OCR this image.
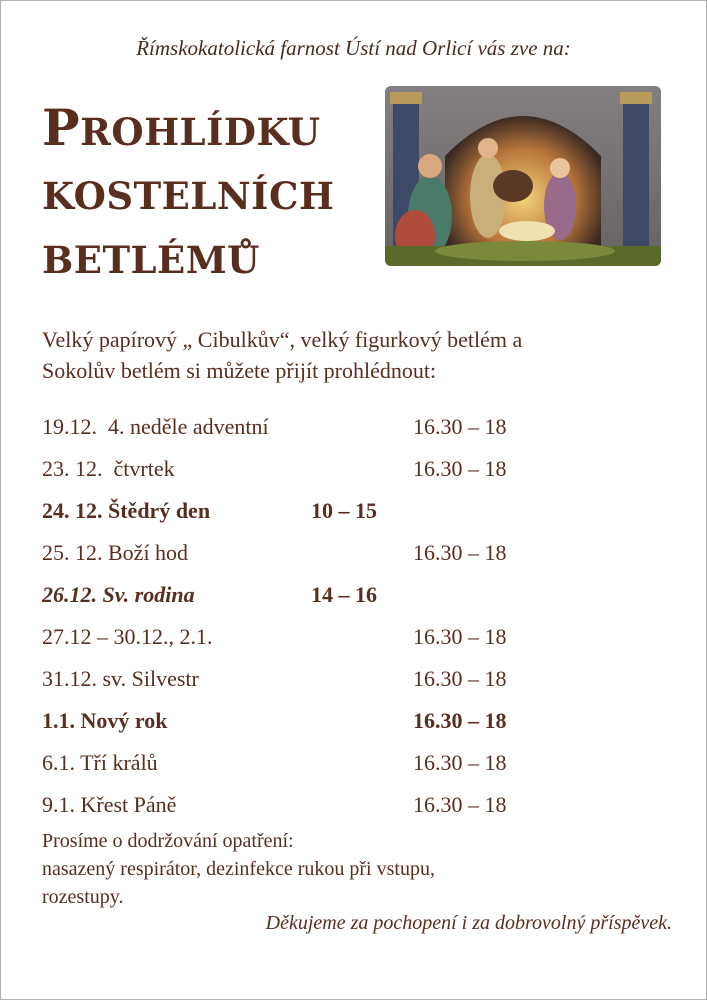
Římskokatolická farnost Ústí nad Orlicí vás zve na:
PROHLÍDKU
KOSTELNÍCH
BETLÉMŮ
Velký papírový „ Cibulkův“, velký figurkový betlém a
Sokolův betlém si můžete přijít prohlédnout:
19.12.  4. neděle adventní	16.30 – 18
23. 12.  čtvrtek	16.30 – 18
24. 12. Štědrý den	10 – 15
25. 12. Boží hod	16.30 – 18
26.12. Sv. rodina	14 – 16
27.12 – 30.12., 2.1.	16.30 – 18
31.12. sv. Silvestr	16.30 – 18
1.1. Nový rok	16.30 – 18
6.1. Tří králů	16.30 – 18
9.1. Křest Páně	16.30 – 18
Prosíme o dodržování opatření:
nasazený respirátor, dezinfekce rukou při vstupu,
rozestupy.
Děkujeme za pochopení i za dobrovolný příspěvek.
